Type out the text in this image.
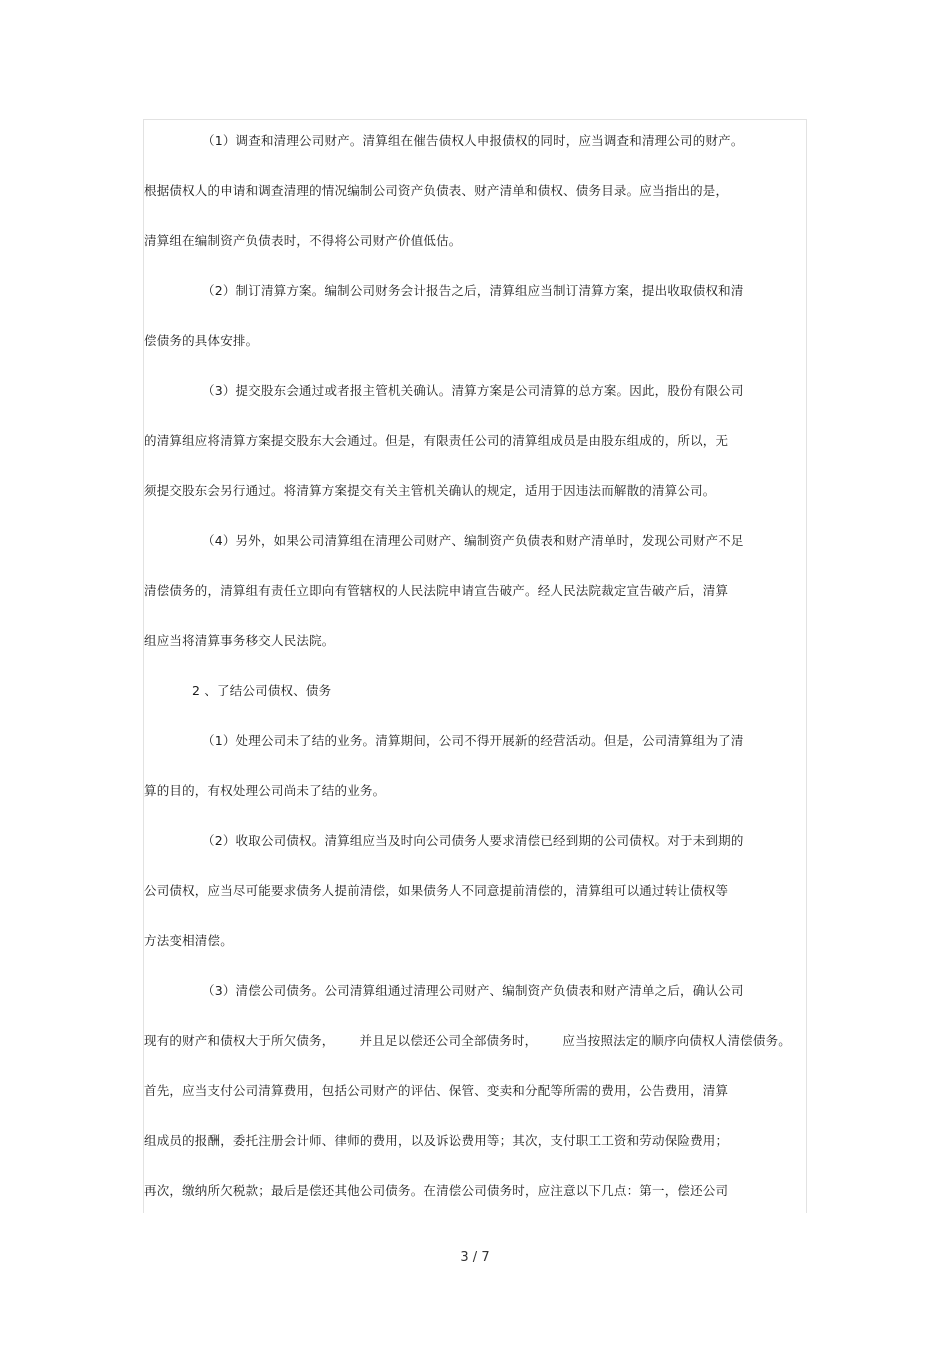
（1）调查和清理公司财产。清算组在催告债权人申报债权的同时，应当调查和清理公司的财产。
根据债权人的申请和调查清理的情况编制公司资产负债表、财产清单和债权、债务目录。应当指出的是，
清算组在编制资产负债表时，不得将公司财产价值低估。
（2）制订清算方案。编制公司财务会计报告之后，清算组应当制订清算方案，提出收取债权和清
偿债务的具体安排。
（3）提交股东会通过或者报主管机关确认。清算方案是公司清算的总方案。因此，股份有限公司
的清算组应将清算方案提交股东大会通过。但是，有限责任公司的清算组成员是由股东组成的，所以，无
须提交股东会另行通过。将清算方案提交有关主管机关确认的规定，适用于因违法而解散的清算公司。
（4）另外，如果公司清算组在清理公司财产、编制资产负债表和财产清单时，发现公司财产不足
清偿债务的，清算组有责任立即向有管辖权的人民法院申请宣告破产。经人民法院裁定宣告破产后，清算
组应当将清算事务移交人民法院。
2 、了结公司债权、债务
（1）处理公司未了结的业务。清算期间，公司不得开展新的经营活动。但是，公司清算组为了清
算的目的，有权处理公司尚未了结的业务。
（2）收取公司债权。清算组应当及时向公司债务人要求清偿已经到期的公司债权。对于未到期的
公司债权，应当尽可能要求债务人提前清偿，如果债务人不同意提前清偿的，清算组可以通过转让债权等
方法变相清偿。
（3）清偿公司债务。公司清算组通过清理公司财产、编制资产负债表和财产清单之后，确认公司
现有的财产和债权大于所欠债务，      并且足以偿还公司全部债务时，      应当按照法定的顺序向债权人清偿债务。
首先，应当支付公司清算费用，包括公司财产的评估、保管、变卖和分配等所需的费用，公告费用，清算
组成员的报酬，委托注册会计师、律师的费用，以及诉讼费用等；其次，支付职工工资和劳动保险费用；
再次，缴纳所欠税款；最后是偿还其他公司债务。在清偿公司债务时，应注意以下几点：第一，偿还公司
3 / 7
